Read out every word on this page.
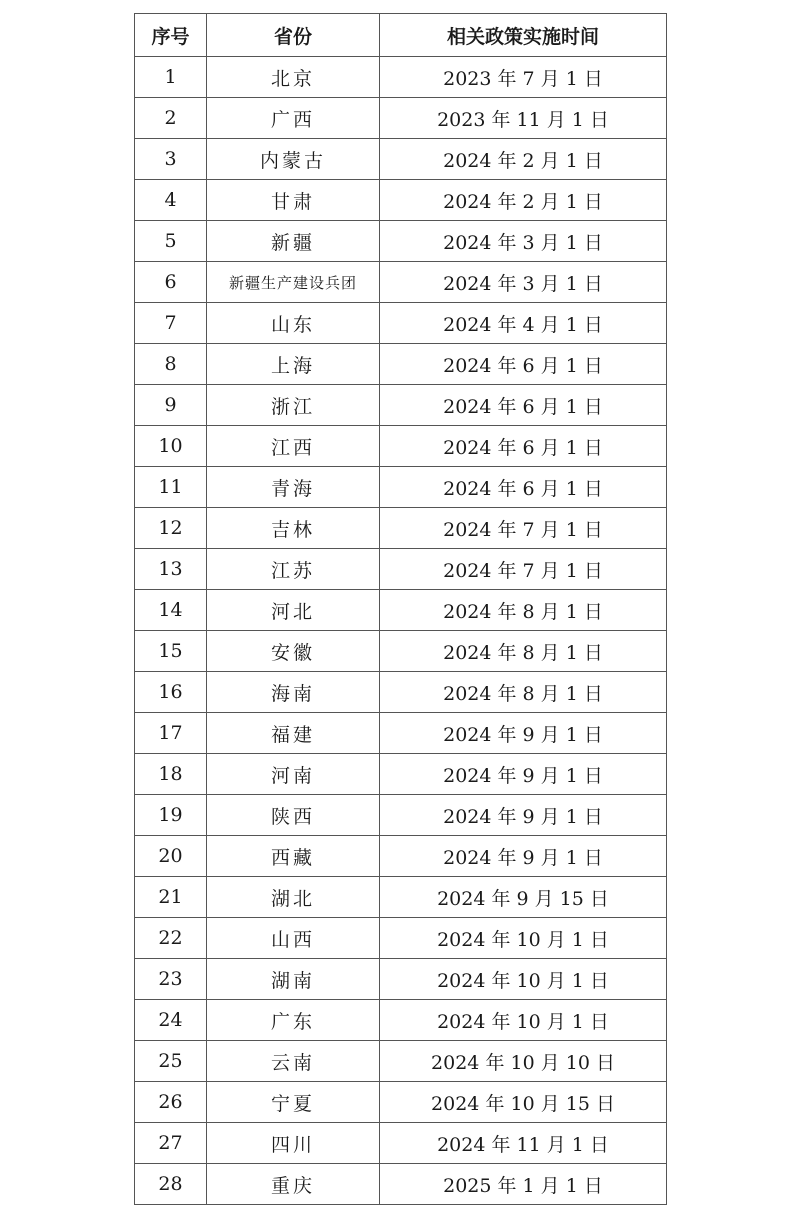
序号	省份	相关政策实施时间
1	北京	2023 年 7 月 1 日
2	广西	2023 年 11 月 1 日
3	内蒙古	2024 年 2 月 1 日
4	甘肃	2024 年 2 月 1 日
5	新疆	2024 年 3 月 1 日
6	新疆生产建设兵团	2024 年 3 月 1 日
7	山东	2024 年 4 月 1 日
8	上海	2024 年 6 月 1 日
9	浙江	2024 年 6 月 1 日
10	江西	2024 年 6 月 1 日
11	青海	2024 年 6 月 1 日
12	吉林	2024 年 7 月 1 日
13	江苏	2024 年 7 月 1 日
14	河北	2024 年 8 月 1 日
15	安徽	2024 年 8 月 1 日
16	海南	2024 年 8 月 1 日
17	福建	2024 年 9 月 1 日
18	河南	2024 年 9 月 1 日
19	陕西	2024 年 9 月 1 日
20	西藏	2024 年 9 月 1 日
21	湖北	2024 年 9 月 15 日
22	山西	2024 年 10 月 1 日
23	湖南	2024 年 10 月 1 日
24	广东	2024 年 10 月 1 日
25	云南	2024 年 10 月 10 日
26	宁夏	2024 年 10 月 15 日
27	四川	2024 年 11 月 1 日
28	重庆	2025 年 1 月 1 日
